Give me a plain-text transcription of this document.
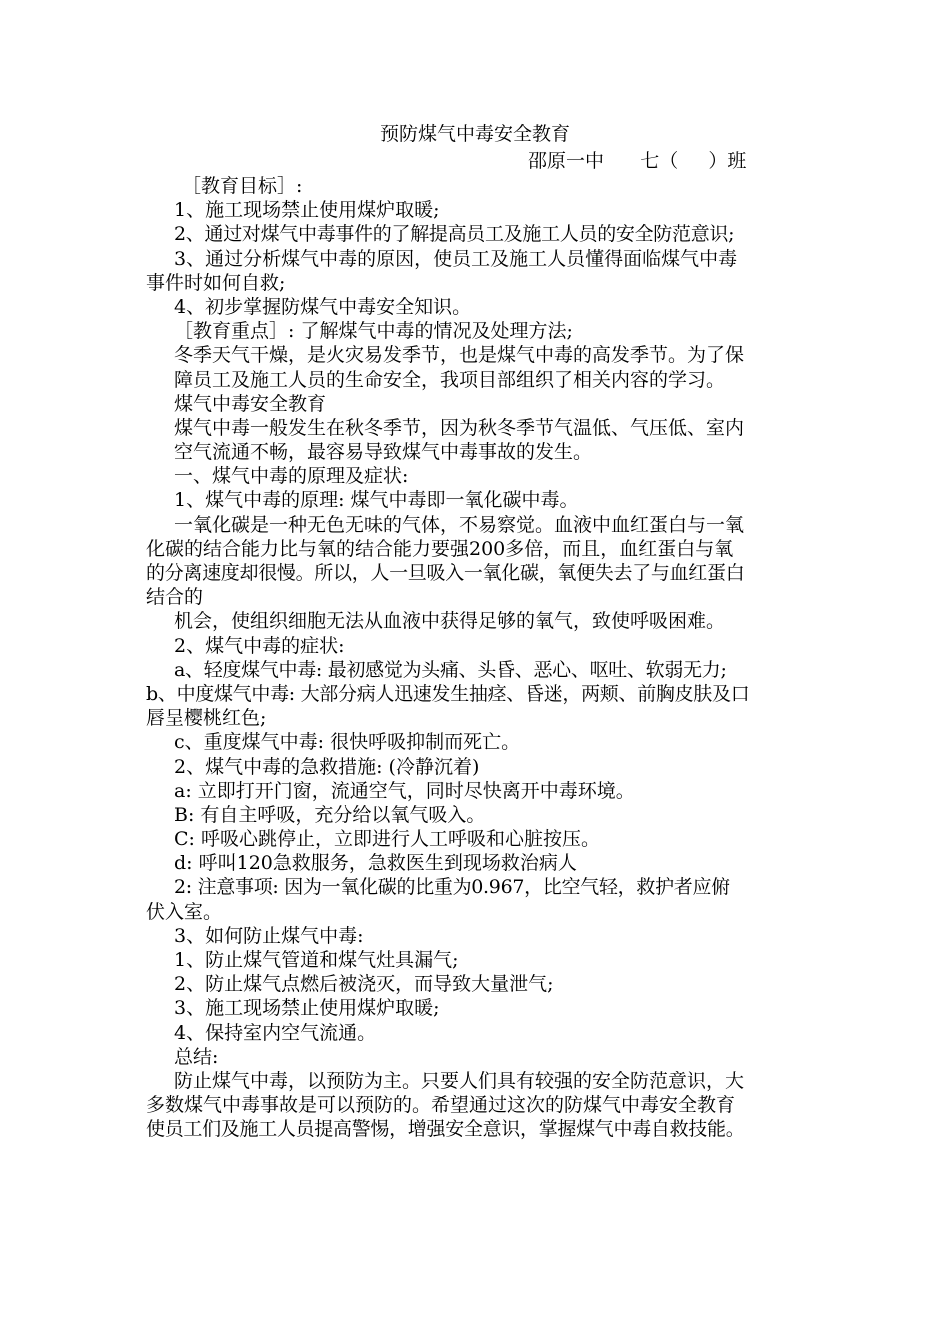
预防煤气中毒安全教育
邵原一中      七（     ）班
［教育目标］:
1、施工现场禁止使用煤炉取暖;
2、通过对煤气中毒事件的了解提高员工及施工人员的安全防范意识;
3、通过分析煤气中毒的原因，使员工及施工人员懂得面临煤气中毒
事件时如何自救;
4、初步掌握防煤气中毒安全知识。
［教育重点］: 了解煤气中毒的情况及处理方法;
冬季天气干燥，是火灾易发季节，也是煤气中毒的高发季节。为了保
障员工及施工人员的生命安全，我项目部组织了相关内容的学习。
煤气中毒安全教育
煤气中毒一般发生在秋冬季节，因为秋冬季节气温低、气压低、室内
空气流通不畅，最容易导致煤气中毒事故的发生。
一、煤气中毒的原理及症状:
1、煤气中毒的原理: 煤气中毒即一氧化碳中毒。
一氧化碳是一种无色无味的气体，不易察觉。血液中血红蛋白与一氧
化碳的结合能力比与氧的结合能力要强200多倍，而且，血红蛋白与氧
的分离速度却很慢。所以，人一旦吸入一氧化碳，氧便失去了与血红蛋白
结合的
机会，使组织细胞无法从血液中获得足够的氧气，致使呼吸困难。
2、煤气中毒的症状:
a、轻度煤气中毒: 最初感觉为头痛、头昏、恶心、呕吐、软弱无力;
b、中度煤气中毒: 大部分病人迅速发生抽痉、昏迷，两颊、前胸皮肤及口
唇呈樱桃红色;
c、重度煤气中毒: 很快呼吸抑制而死亡。
2、煤气中毒的急救措施: (冷静沉着)
a: 立即打开门窗，流通空气，同时尽快离开中毒环境。
B: 有自主呼吸，充分给以氧气吸入。
C: 呼吸心跳停止，立即进行人工呼吸和心脏按压。
d: 呼叫120急救服务，急救医生到现场救治病人
2: 注意事项: 因为一氧化碳的比重为0.967，比空气轻，救护者应俯
伏入室。
3、如何防止煤气中毒:
1、防止煤气管道和煤气灶具漏气;
2、防止煤气点燃后被浇灭，而导致大量泄气;
3、施工现场禁止使用煤炉取暖;
4、保持室内空气流通。
总结:
防止煤气中毒，以预防为主。只要人们具有较强的安全防范意识，大
多数煤气中毒事故是可以预防的。希望通过这次的防煤气中毒安全教育
使员工们及施工人员提高警惕，增强安全意识，掌握煤气中毒自救技能。
